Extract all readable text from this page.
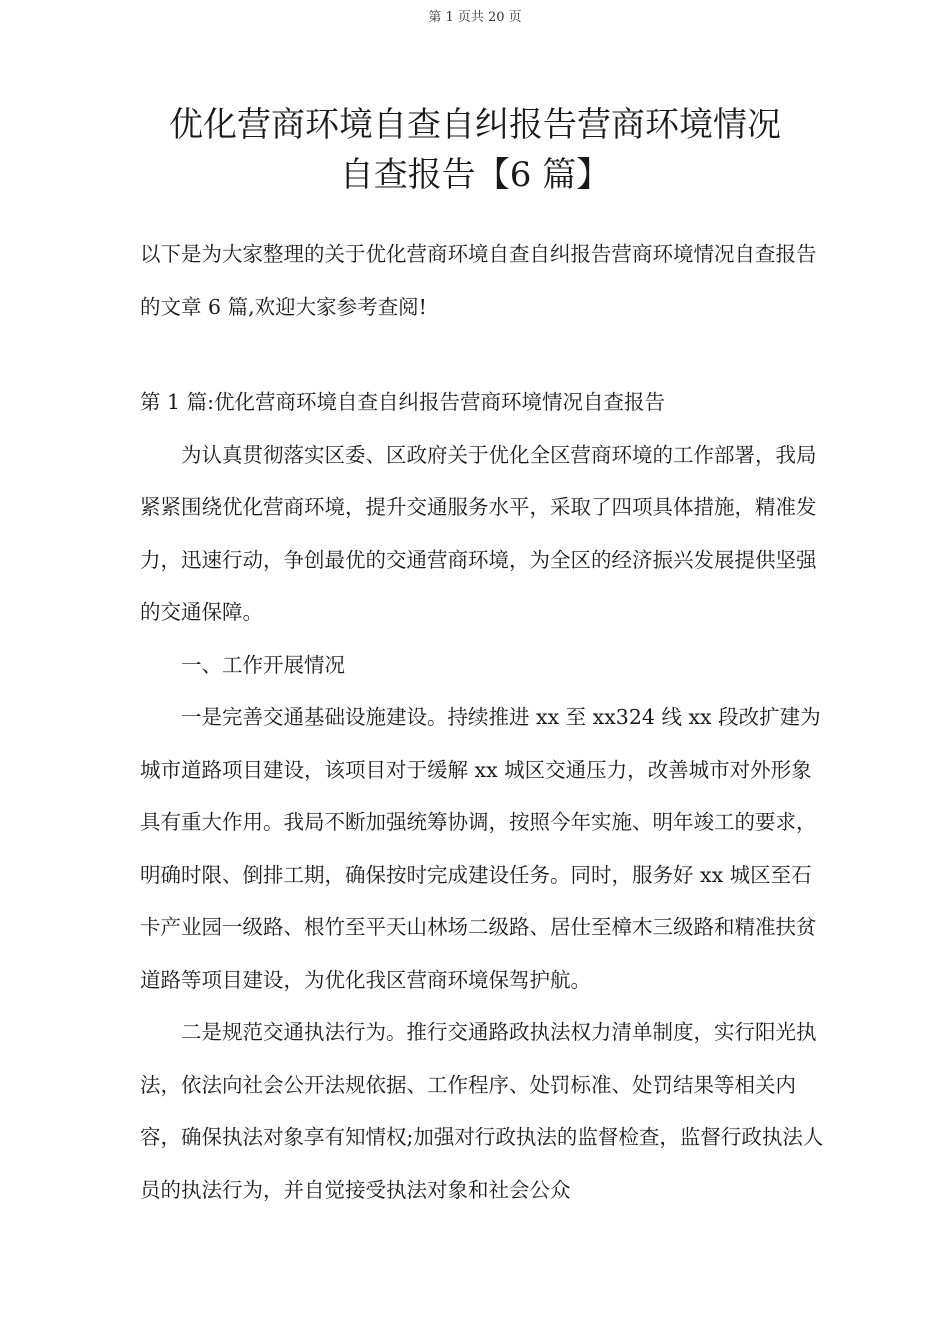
第 1 页共 20 页
优化营商环境自查自纠报告营商环境情况
自查报告【6 篇】

以下是为大家整理的关于优化营商环境自查自纠报告营商环境情况自查报告的文章 6 篇,欢迎大家参考查阅!

第 1 篇:优化营商环境自查自纠报告营商环境情况自查报告

为认真贯彻落实区委、区政府关于优化全区营商环境的工作部署，我局紧紧围绕优化营商环境，提升交通服务水平，采取了四项具体措施，精准发力，迅速行动，争创最优的交通营商环境，为全区的经济振兴发展提供坚强的交通保障。

一、工作开展情况

一是完善交通基础设施建设。持续推进 xx 至 xx324 线 xx 段改扩建为城市道路项目建设，该项目对于缓解 xx 城区交通压力，改善城市对外形象具有重大作用。我局不断加强统筹协调，按照今年实施、明年竣工的要求，明确时限、倒排工期，确保按时完成建设任务。同时，服务好 xx 城区至石卡产业园一级路、根竹至平天山林场二级路、居仕至樟木三级路和精准扶贫道路等项目建设，为优化我区营商环境保驾护航。

二是规范交通执法行为。推行交通路政执法权力清单制度，实行阳光执法，依法向社会公开法规依据、工作程序、处罚标准、处罚结果等相关内容，确保执法对象享有知情权;加强对行政执法的监督检查，监督行政执法人员的执法行为，并自觉接受执法对象和社会公众
